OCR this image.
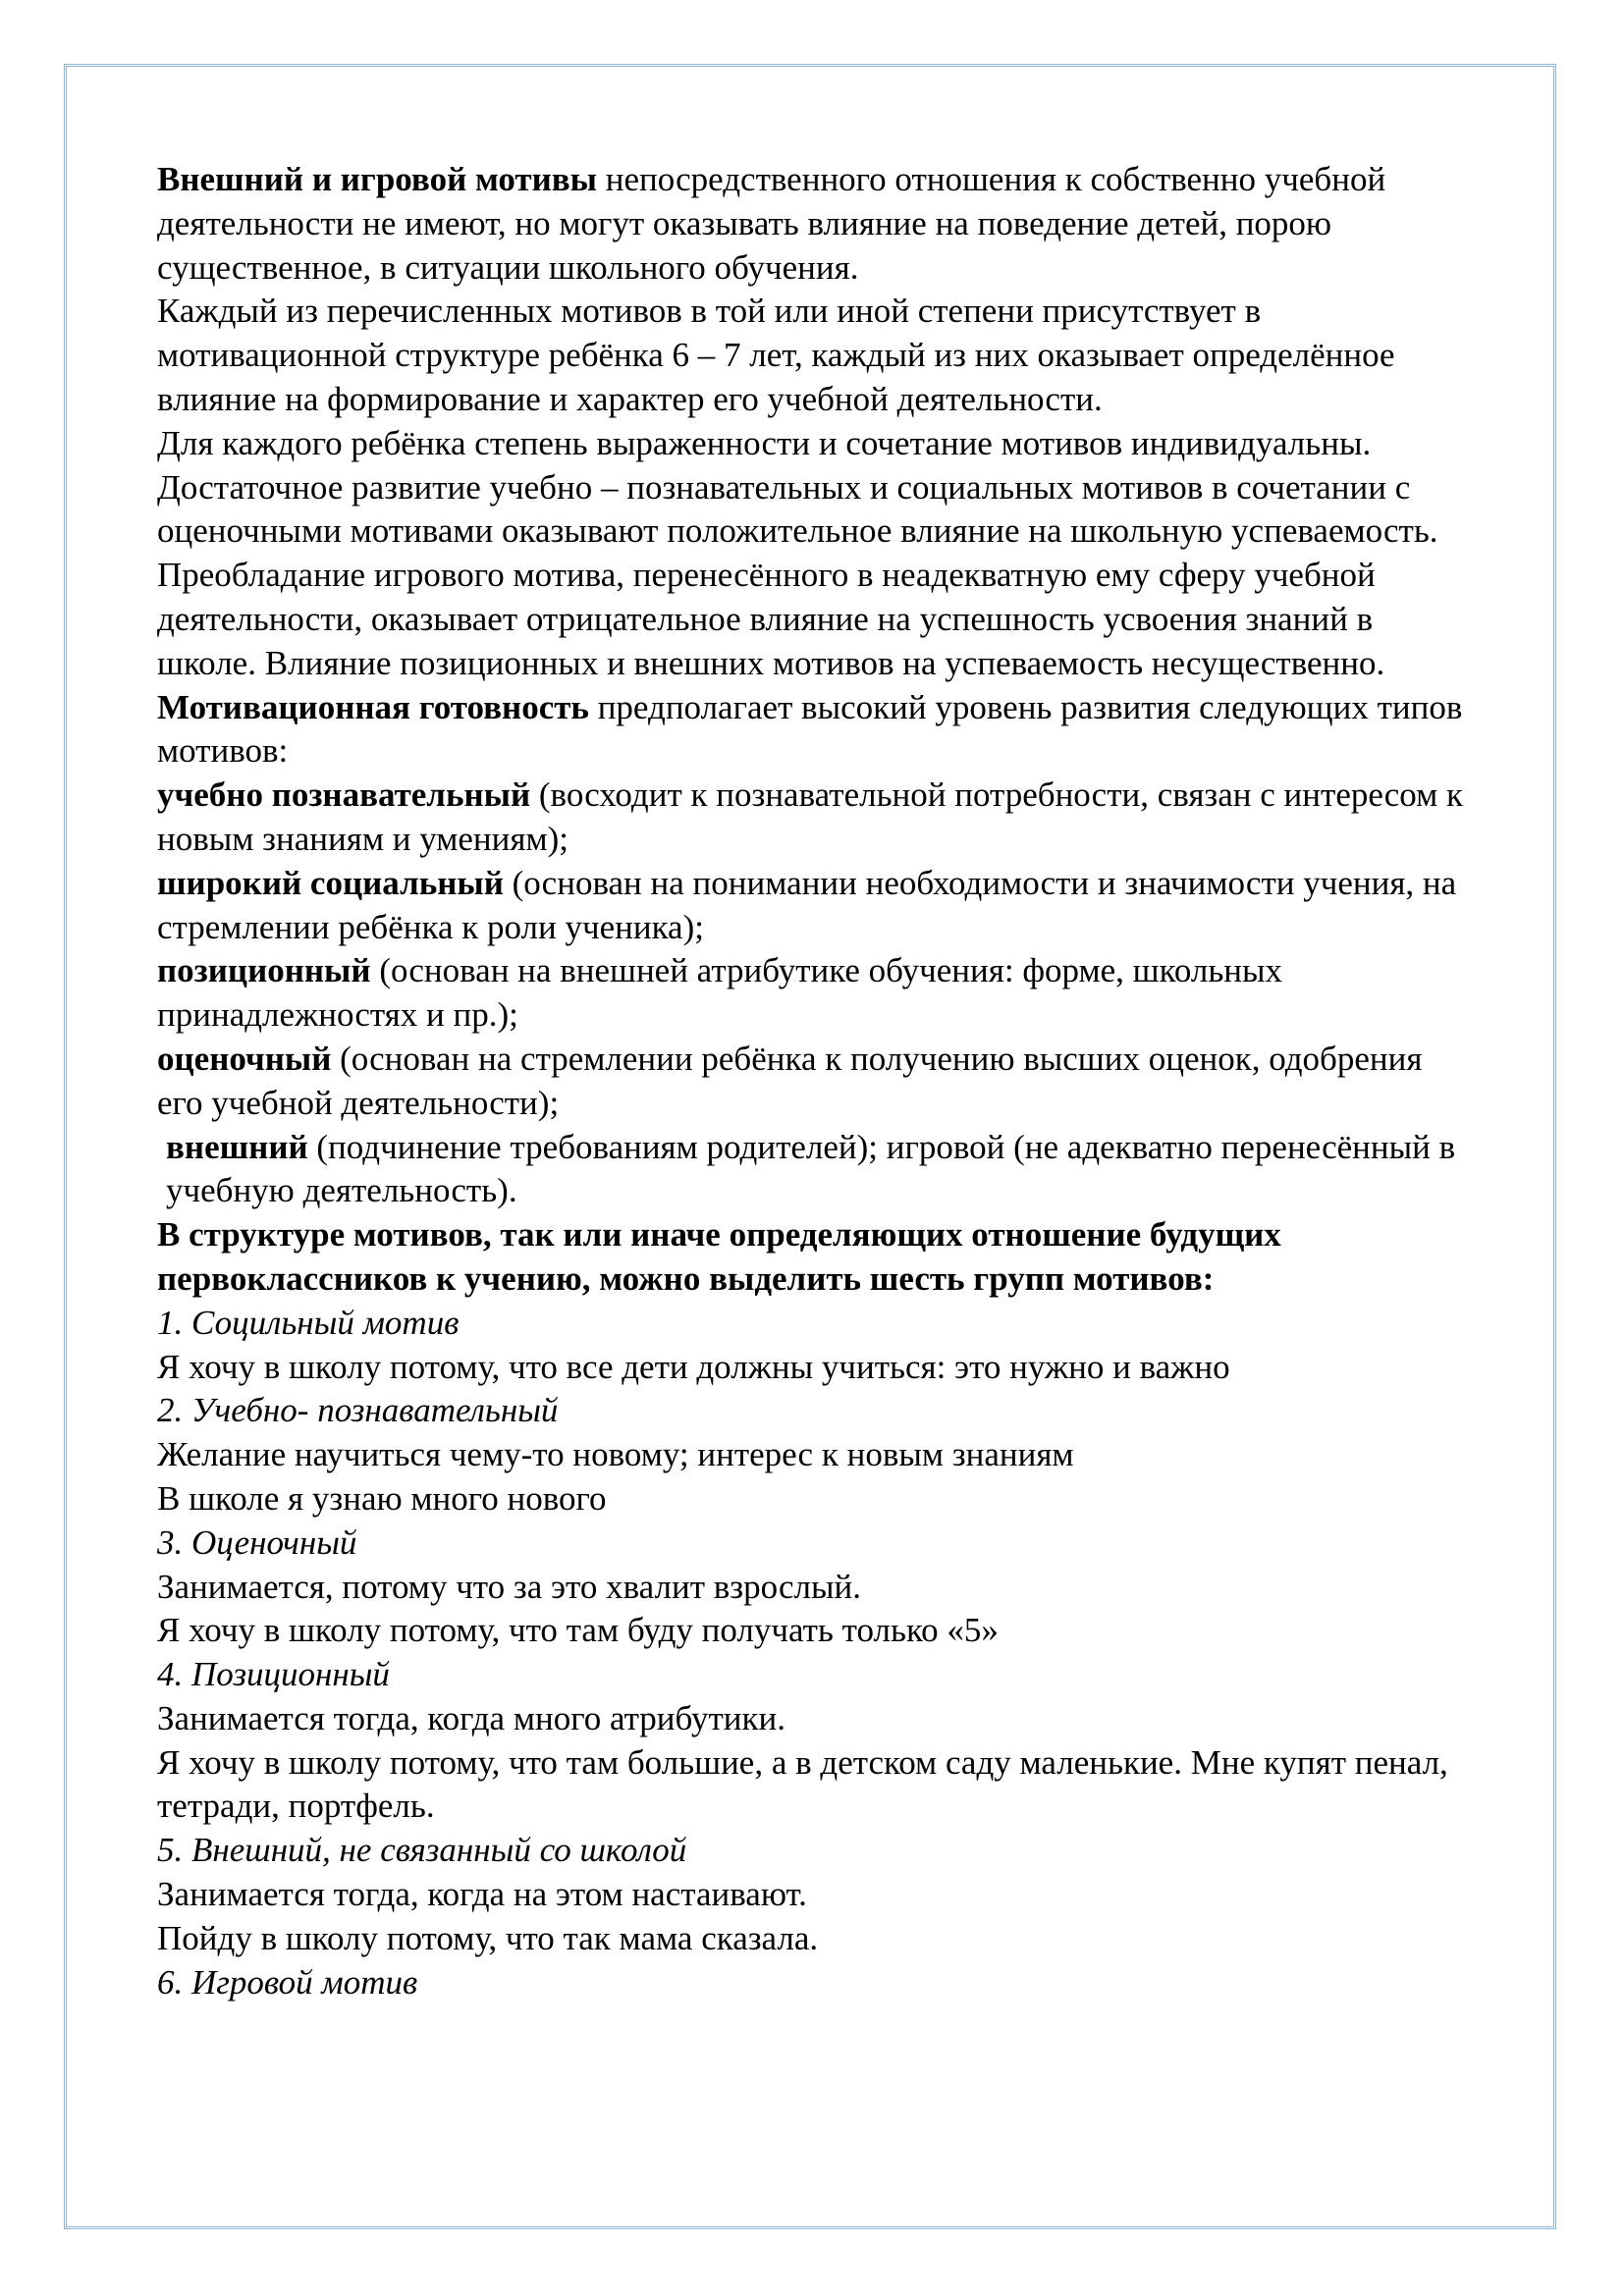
Внешний и игровой мотивы непосредственного отношения к собственно учебной деятельности не имеют, но могут оказывать влияние на поведение детей, порою существенное, в ситуации школьного обучения.

Каждый из перечисленных мотивов в той или иной степени присутствует в мотивационной структуре ребёнка 6 – 7 лет, каждый из них оказывает определённое влияние на формирование и характер его учебной деятельности.

Для каждого ребёнка степень выраженности и сочетание мотивов индивидуальны.

Достаточное развитие учебно – познавательных и социальных мотивов в сочетании с оценочными мотивами оказывают положительное влияние на школьную успеваемость.

Преобладание игрового мотива, перенесённого в неадекватную ему сферу учебной деятельности, оказывает отрицательное влияние на успешность усвоения знаний в школе. Влияние позиционных и внешних мотивов на успеваемость несущественно.

Мотивационная готовность предполагает высокий уровень развития следующих типов мотивов:

учебно познавательный (восходит к познавательной потребности, связан с интересом к новым знаниям и умениям);

широкий социальный (основан на понимании необходимости и значимости учения, на стремлении ребёнка к роли ученика);

позиционный (основан на внешней атрибутике обучения: форме, школьных принадлежностях и пр.);

оценочный (основан на стремлении ребёнка к получению высших оценок, одобрения его учебной деятельности);

внешний (подчинение требованиям родителей); игровой (не адекватно перенесённый в учебную деятельность).

В структуре мотивов, так или иначе определяющих отношение будущих первоклассников к учению, можно выделить шесть групп мотивов:

1. Социльный мотив

Я хочу в школу потому, что все дети должны учиться: это нужно и важно

2. Учебно- познавательный

Желание научиться чему-то новому; интерес к новым знаниям

В школе я узнаю много нового

3. Оценочный

Занимается, потому что за это хвалит взрослый.

Я хочу в школу потому, что там буду получать только «5»

4. Позиционный

Занимается тогда, когда много атрибутики.

Я хочу в школу потому, что там большие, а в детском саду маленькие. Мне купят пенал, тетради, портфель.

5. Внешний, не связанный со школой

Занимается тогда, когда на этом настаивают.

Пойду в школу потому, что так мама сказала.

6. Игровой мотив
